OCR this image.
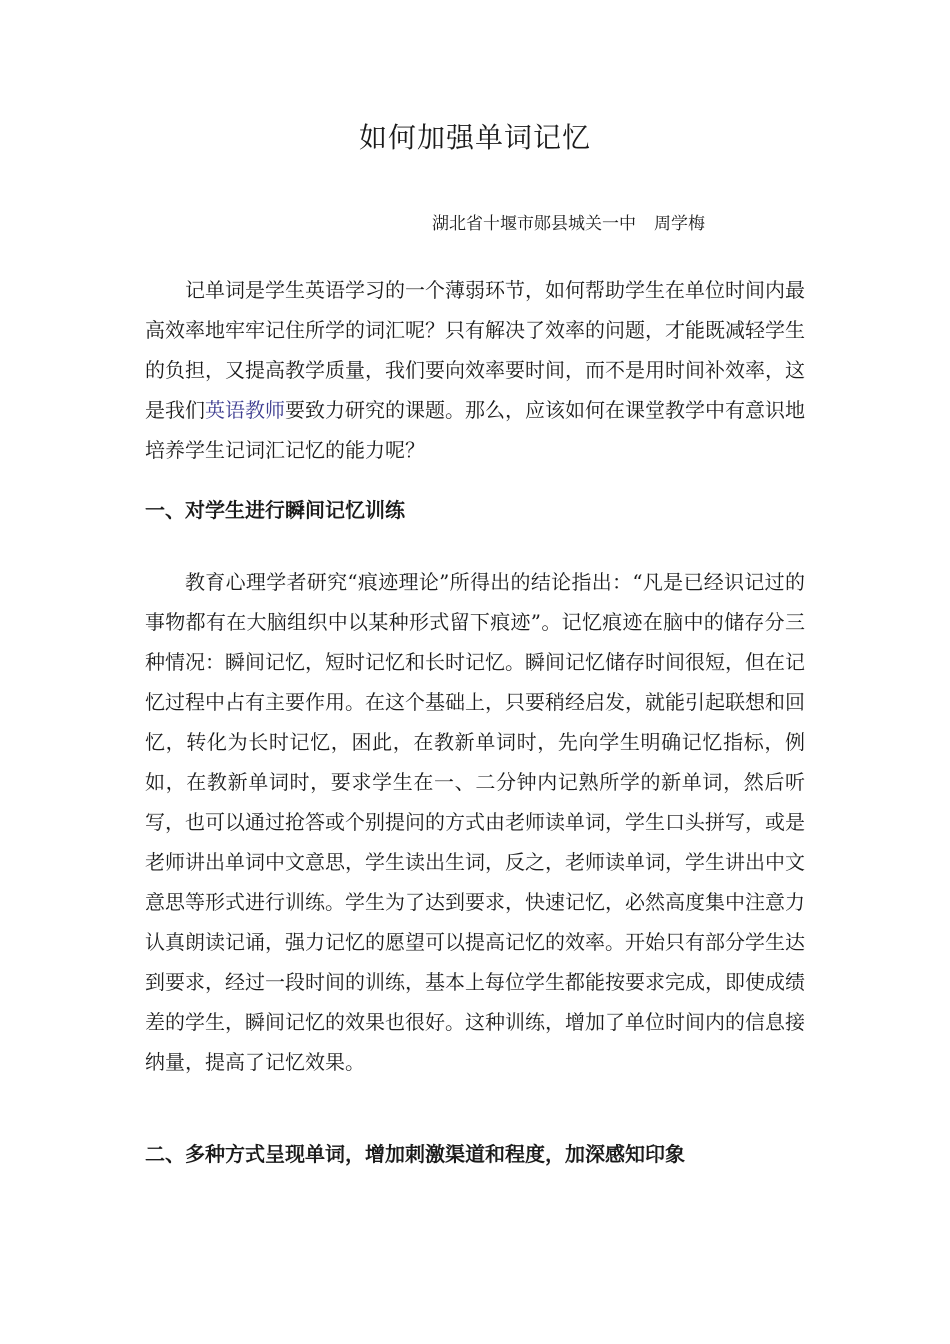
如何加强单词记忆

湖北省十堰市郧县城关一中 周学梅

记单词是学生英语学习的一个薄弱环节，如何帮助学生在单位时间内最高效率地牢牢记住所学的词汇呢？只有解决了效率的问题，才能既减轻学生的负担，又提高教学质量，我们要向效率要时间，而不是用时间补效率，这是我们英语教师要致力研究的课题。那么，应该如何在课堂教学中有意识地培养学生记词汇记忆的能力呢？

一、对学生进行瞬间记忆训练

教育心理学者研究“痕迹理论”所得出的结论指出：“凡是已经识记过的事物都有在大脑组织中以某种形式留下痕迹”。记忆痕迹在脑中的储存分三种情况：瞬间记忆，短时记忆和长时记忆。瞬间记忆储存时间很短，但在记忆过程中占有主要作用。在这个基础上，只要稍经启发，就能引起联想和回忆，转化为长时记忆，困此，在教新单词时，先向学生明确记忆指标，例如，在教新单词时，要求学生在一、二分钟内记熟所学的新单词，然后听写，也可以通过抢答或个别提问的方式由老师读单词，学生口头拼写，或是老师讲出单词中文意思，学生读出生词，反之，老师读单词，学生讲出中文意思等形式进行训练。学生为了达到要求，快速记忆，必然高度集中注意力认真朗读记诵，强力记忆的愿望可以提高记忆的效率。开始只有部分学生达到要求，经过一段时间的训练，基本上每位学生都能按要求完成，即使成绩差的学生，瞬间记忆的效果也很好。这种训练，增加了单位时间内的信息接纳量，提高了记忆效果。

二、多种方式呈现单词，增加刺激渠道和程度，加深感知印象
